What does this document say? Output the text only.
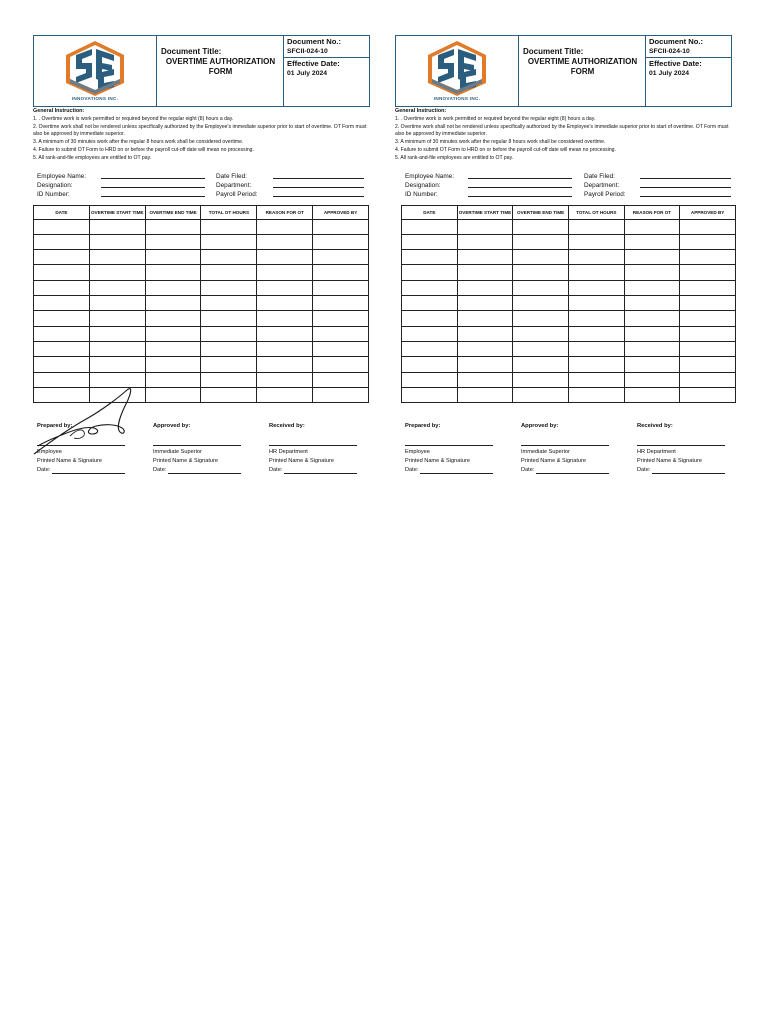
INNOVATIONS INC.
Document Title:
OVERTIME AUTHORIZATION FORM
Document No.:
SFCII-024-10
Effective Date:
01 July 2024
General Instruction:

1. . Overtime work is work permitted or required beyond the regular eight (8) hours a day.

2. Overtime work shall not be rendered unless specifically authorized by the Employee's immediate superior prior to start of overtime. OT Form must also be approved by immediate superior.

3. A minimum of 30 minutes work after the regular 8 hours work shall be considered overtime.

4. Failure to submit OT Form to HRD on or before the payroll cut-off date will mean no processing.

5. All rank-and-file employees are entitled to OT pay.

Employee Name:
Designation:
ID Number:
Date Filed:
Department:
Payroll Period:
DATE	OVERTIME START TIME	OVERTIME END TIME	TOTAL OT HOURS	REASON FOR OT	APPROVED BY

Prepared by:
Employee
Printed Name & Signature
Date:
Approved by:
Immediate Superior
Printed Name & Signature
Date:
Received by:
HR Department
Printed Name & Signature
Date:
INNOVATIONS INC.
Document Title:
OVERTIME AUTHORIZATION FORM
Document No.:
SFCII-024-10
Effective Date:
01 July 2024
General Instruction:

1. . Overtime work is work permitted or required beyond the regular eight (8) hours a day.

2. Overtime work shall not be rendered unless specifically authorized by the Employee's immediate superior prior to start of overtime. OT Form must also be approved by immediate superior.

3. A minimum of 30 minutes work after the regular 8 hours work shall be considered overtime.

4. Failure to submit OT Form to HRD on or before the payroll cut-off date will mean no processing.

5. All rank-and-file employees are entitled to OT pay.

Employee Name:
Designation:
ID Number:
Date Filed:
Department:
Payroll Period:
DATE	OVERTIME START TIME	OVERTIME END TIME	TOTAL OT HOURS	REASON FOR OT	APPROVED BY

Prepared by:
Employee
Printed Name & Signature
Date:
Approved by:
Immediate Superior
Printed Name & Signature
Date:
Received by:
HR Department
Printed Name & Signature
Date:
